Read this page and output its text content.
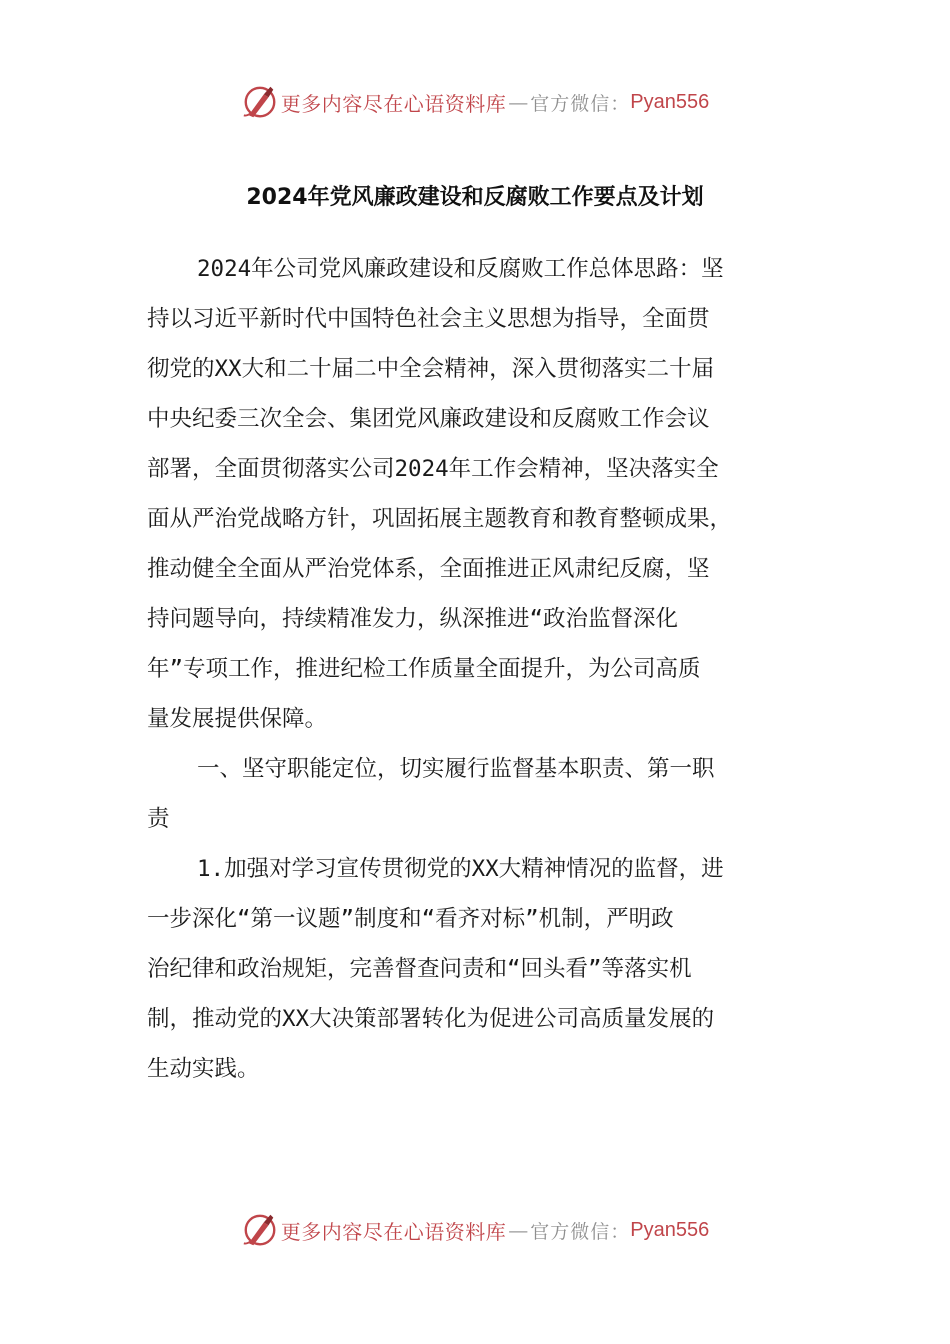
更多内容尽在心语资料库 — 官方微信： Pyan556
2024年党风廉政建设和反腐败工作要点及计划
2024年公司党风廉政建设和反腐败工作总体思路：坚
持以习近平新时代中国特色社会主义思想为指导，全面贯
彻党的XX大和二十届二中全会精神，深入贯彻落实二十届
中央纪委三次全会、集团党风廉政建设和反腐败工作会议
部署，全面贯彻落实公司2024年工作会精神，坚决落实全
面从严治党战略方针，巩固拓展主题教育和教育整顿成果，
推动健全全面从严治党体系，全面推进正风肃纪反腐，坚
持问题导向，持续精准发力，纵深推进“政治监督深化
年”专项工作，推进纪检工作质量全面提升，为公司高质
量发展提供保障。
一、坚守职能定位，切实履行监督基本职责、第一职
责
1.加强对学习宣传贯彻党的XX大精神情况的监督，进
一步深化“第一议题”制度和“看齐对标”机制，严明政
治纪律和政治规矩，完善督查问责和“回头看”等落实机
制，推动党的XX大决策部署转化为促进公司高质量发展的
生动实践。
更多内容尽在心语资料库 — 官方微信： Pyan556
